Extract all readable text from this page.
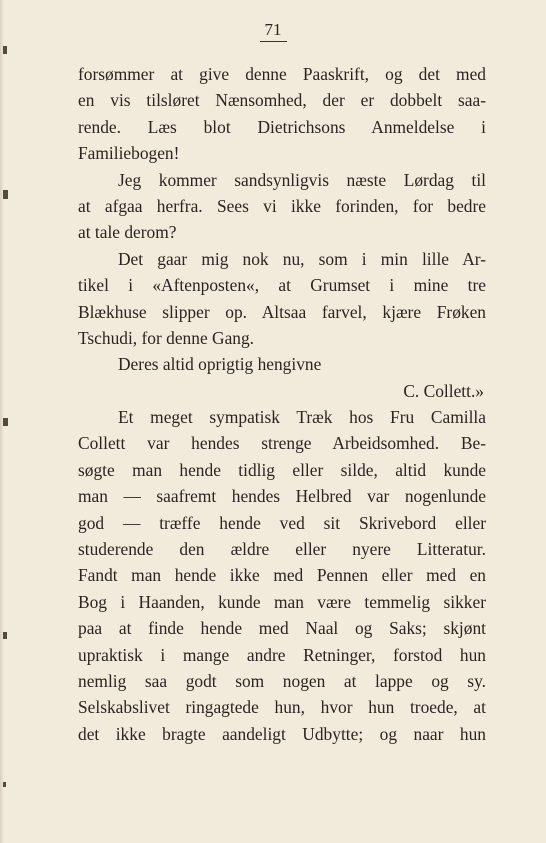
71
forsømmer at give denne Paaskrift, og det med
en vis tilsløret Nænsomhed, der er dobbelt saa-
rende. Læs blot Dietrichsons Anmeldelse i
Familiebogen!
Jeg kommer sandsynligvis næste Lørdag til
at afgaa herfra. Sees vi ikke forinden, for bedre
at tale derom?
Det gaar mig nok nu, som i min lille Ar-
tikel i «Aftenposten«, at Grumset i mine tre
Blækhuse slipper op. Altsaa farvel, kjære Frøken
Tschudi, for denne Gang.
Deres altid oprigtig hengivne
C. Collett.»
Et meget sympatisk Træk hos Fru Camilla
Collett var hendes strenge Arbeidsomhed. Be-
søgte man hende tidlig eller silde, altid kunde
man — saafremt hendes Helbred var nogenlunde
god — træffe hende ved sit Skrivebord eller
studerende den ældre eller nyere Litteratur.
Fandt man hende ikke med Pennen eller med en
Bog i Haanden, kunde man være temmelig sikker
paa at finde hende med Naal og Saks; skjønt
upraktisk i mange andre Retninger, forstod hun
nemlig saa godt som nogen at lappe og sy.
Selskabslivet ringagtede hun, hvor hun troede, at
det ikke bragte aandeligt Udbytte; og naar hun
